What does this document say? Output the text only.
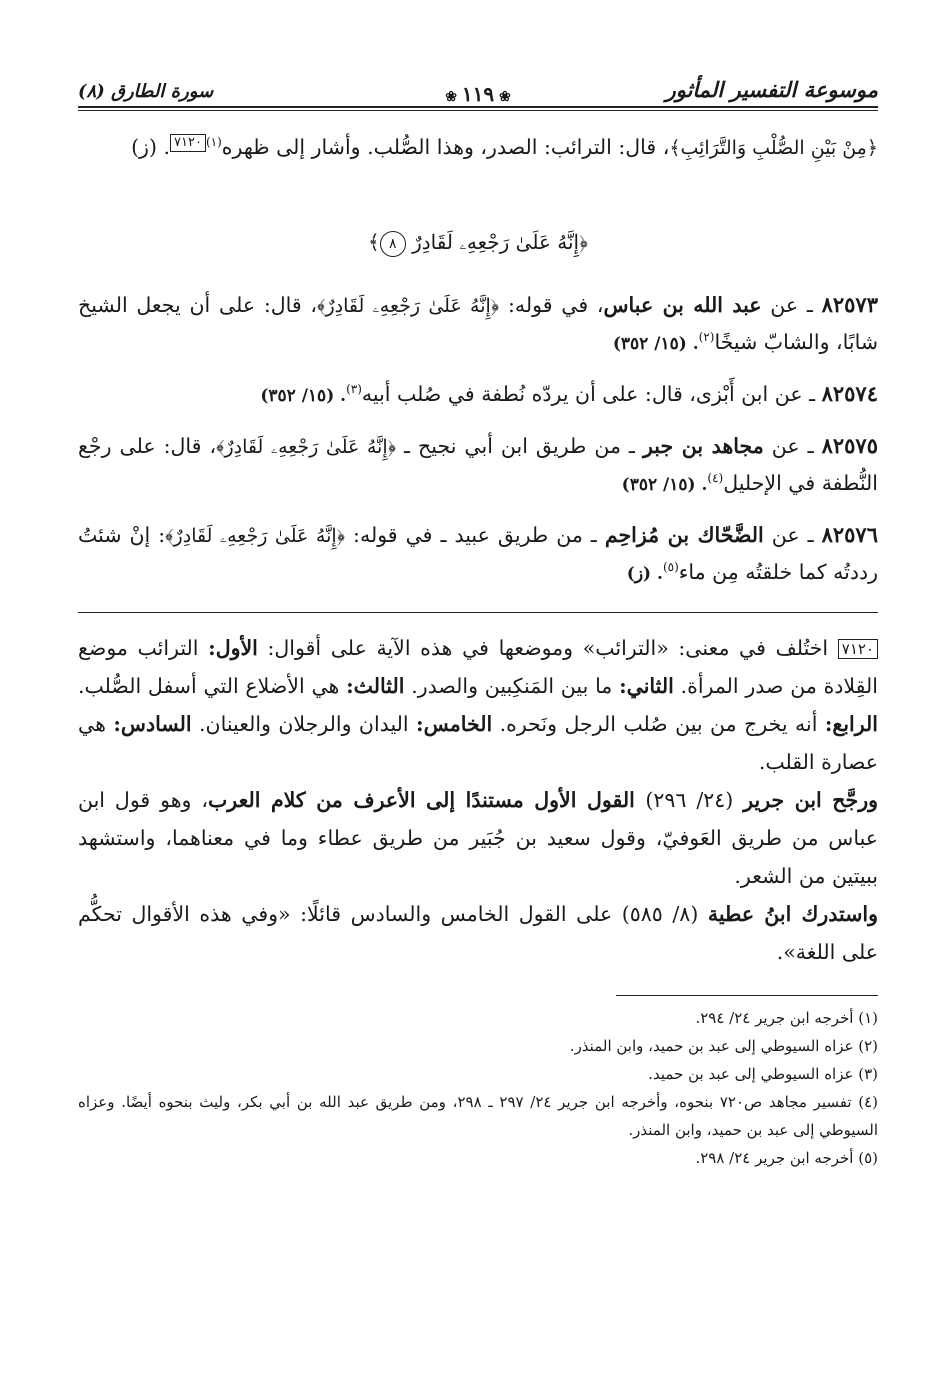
موسوعة التفسير المأثور
سورة الطارق (٨)	❀ ١١٩ ❀

﴿مِنْ بَيْنِ الصُّلْبِ وَالتَّرَائِبِ﴾، قال: الترائب: الصدر، وهذا الصُّلب. وأشار إلى ظهره$^{(١)}$٧١٢٠. (ز)

﴿إِنَّهُ عَلَىٰ رَجْعِهِۦ لَقَادِرٌ ٨﴾

٨٢٥٧٣ ـ عن عبد الله بن عباس، في قوله: ﴿إِنَّهُ عَلَىٰ رَجْعِهِۦ لَقَادِرٌ﴾، قال: على أن يجعل الشيخ شابًا، والشابّ شيخًا$^{(٢)}$. (١٥/ ٣٥٢)

٨٢٥٧٤ ـ عن ابن أَبْزى، قال: على أن يردّه نُطفة في صُلب أبيه$^{(٣)}$. (١٥/ ٣٥٢)

٨٢٥٧٥ ـ عن مجاهد بن جبر ـ من طريق ابن أبي نجيح ـ ﴿إِنَّهُ عَلَىٰ رَجْعِهِۦ لَقَادِرٌ﴾، قال: على رجْع النُّطفة في الإحليل$^{(٤)}$. (١٥/ ٣٥٢)

٨٢٥٧٦ ـ عن الضَّحّاك بن مُزاحِم ـ من طريق عبيد ـ في قوله: ﴿إِنَّهُ عَلَىٰ رَجْعِهِۦ لَقَادِرٌ﴾: إنْ شئتُ رددتُه كما خلقتُه مِن ماء$^{(٥)}$. (ز)

٧١٢٠ اختُلف في معنى: «الترائب» وموضعها في هذه الآية على أقوال: الأول: الترائب موضع القِلادة من صدر المرأة. الثاني: ما بين المَنكِبين والصدر. الثالث: هي الأضلاع التي أسفل الصُّلب. الرابع: أنه يخرج من بين صُلب الرجل ونَحره. الخامس: اليدان والرجلان والعينان. السادس: هي عصارة القلب.

ورجَّح ابن جرير (٢٤/ ٢٩٦) القول الأول مستندًا إلى الأعرف من كلام العرب، وهو قول ابن عباس من طريق العَوفيّ، وقول سعيد بن جُبَير من طريق عطاء وما في معناهما، واستشهد ببيتين من الشعر.

واستدرك ابنُ عطية (٨/ ٥٨٥) على القول الخامس والسادس قائلًا: «وفي هذه الأقوال تحكُّم على اللغة».

(١) أخرجه ابن جرير ٢٤/ ٢٩٤.
(٢) عزاه السيوطي إلى عبد بن حميد، وابن المنذر.
(٣) عزاه السيوطي إلى عبد بن حميد.
(٤) تفسير مجاهد ص٧٢٠ بنحوه، وأخرجه ابن جرير ٢٤/ ٢٩٧ ـ ٢٩٨، ومن طريق عبد الله بن أبي بكر، وليث بنحوه أيضًا. وعزاه السيوطي إلى عبد بن حميد، وابن المنذر.
(٥) أخرجه ابن جرير ٢٤/ ٢٩٨.
